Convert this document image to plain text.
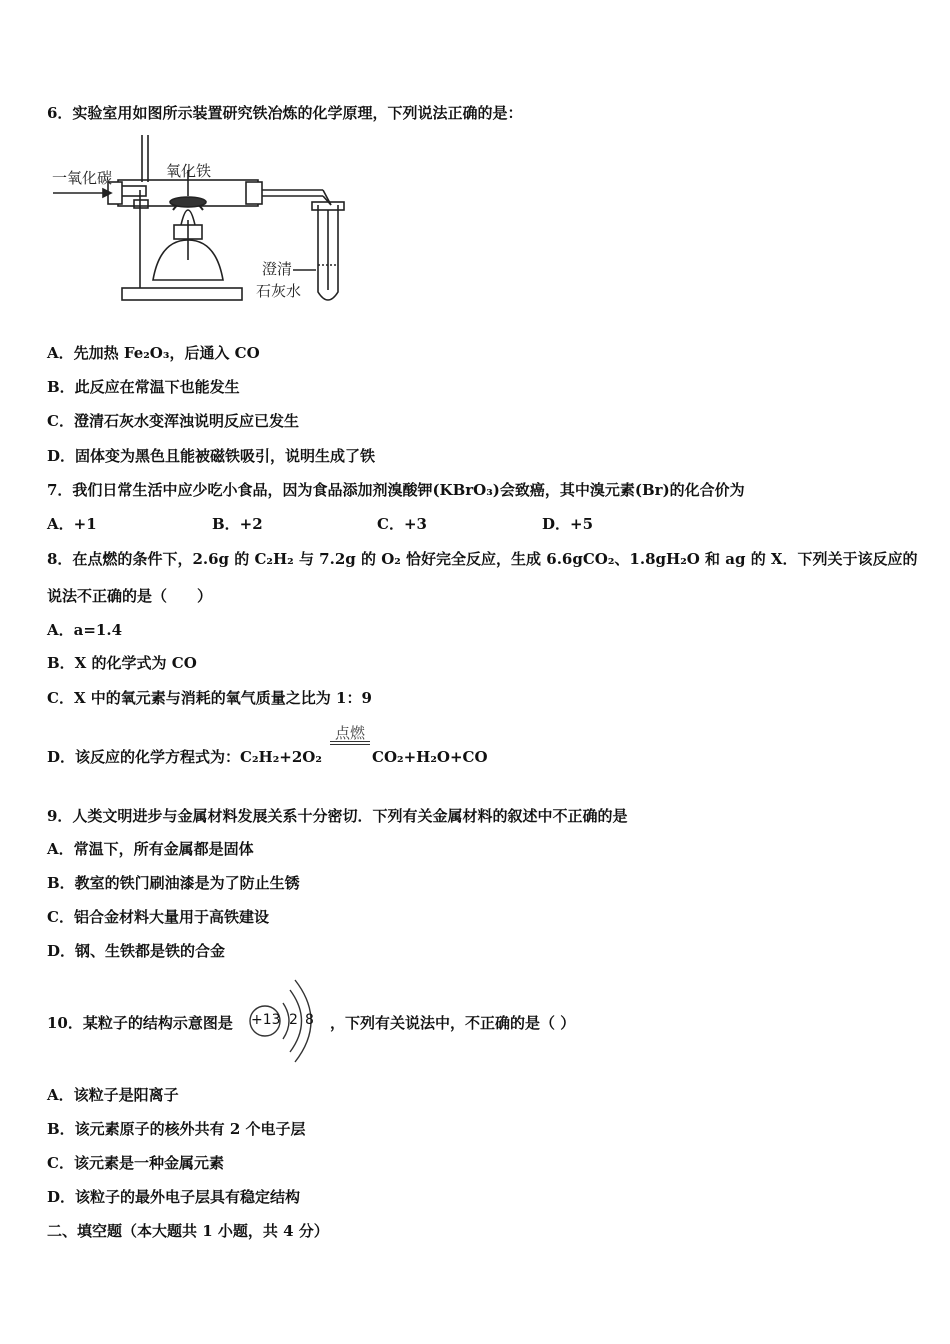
6．实验室用如图所示装置研究铁冶炼的化学原理，下列说法正确的是：
一氧化碳	氧化铁
澄清
石灰水
A．先加热 Fe₂O₃，后通入 CO
B．此反应在常温下也能发生
C．澄清石灰水变浑浊说明反应已发生
D．固体变为黑色且能被磁铁吸引，说明生成了铁
7．我们日常生活中应少吃小食品，因为食品添加剂溴酸钾(KBrO₃)会致癌，其中溴元素(Br)的化合价为
A．+1	B．+2	C．+3	D．+5
8．在点燃的条件下，2.6g 的 C₂H₂ 与 7.2g 的 O₂ 恰好完全反应，生成 6.6gCO₂、1.8gH₂O 和 ag 的 X．下列关于该反应的
说法不正确的是（　　）
A．a=1.4
B．X 的化学式为 CO
C．X 中的氧元素与消耗的氧气质量之比为 1：9
D．该反应的化学方程式为：C₂H₂+2O₂
点燃
CO₂+H₂O+CO
9．人类文明进步与金属材料发展关系十分密切．下列有关金属材料的叙述中不正确的是
A．常温下，所有金属都是固体
B．教室的铁门刷油漆是为了防止生锈
C．铝合金材料大量用于高铁建设
D．钢、生铁都是铁的合金
10．某粒子的结构示意图是 +13 2 8 ，下列有关说法中，不正确的是（ ）
A．该粒子是阳离子
B．该元素原子的核外共有 2 个电子层
C．该元素是一种金属元素
D．该粒子的最外电子层具有稳定结构
二、填空题（本大题共 1 小题，共 4 分）
